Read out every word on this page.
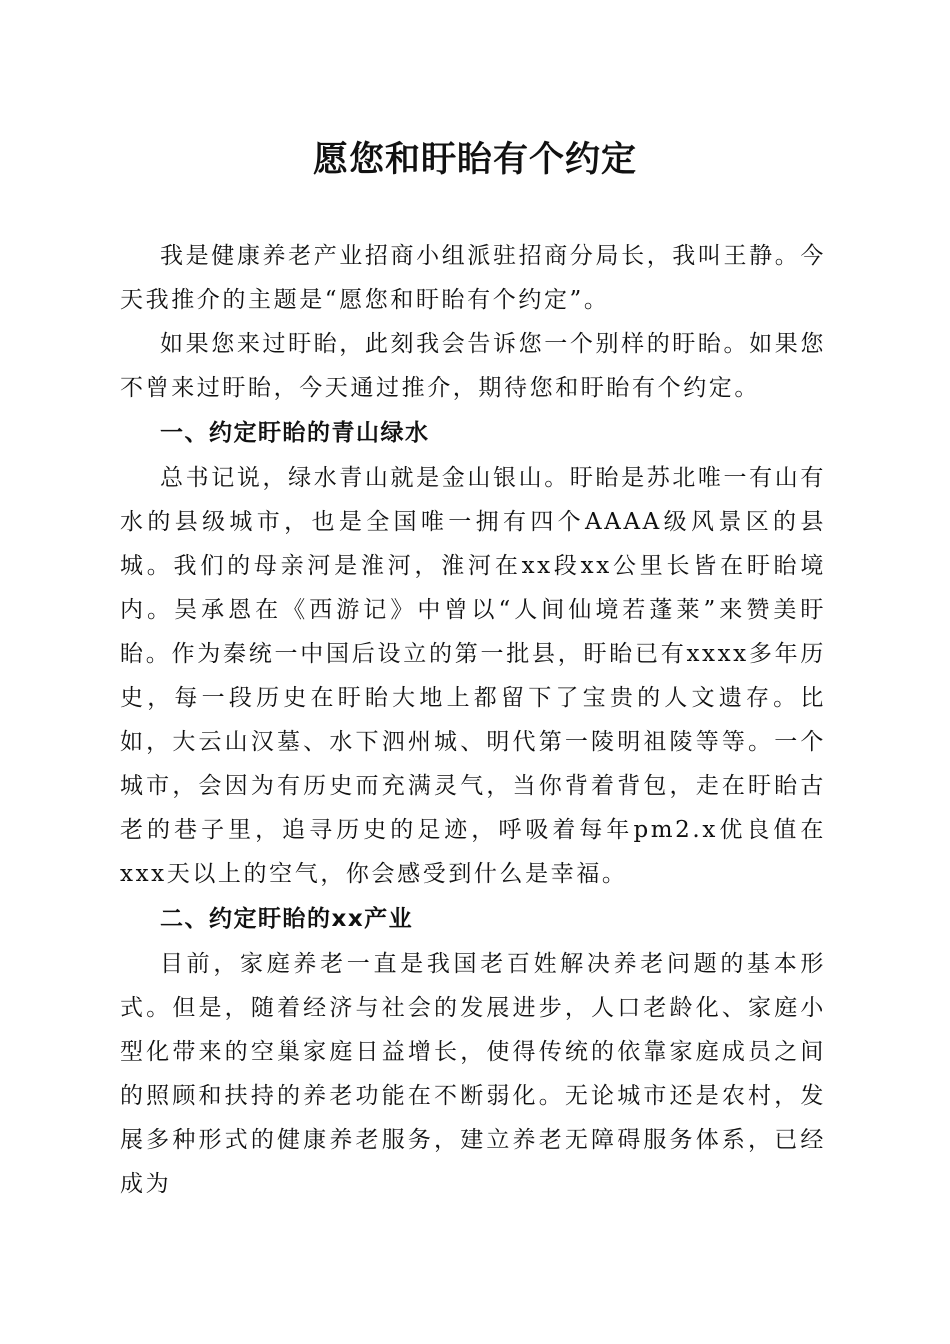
愿您和盱眙有个约定

我是健康养老产业招商小组派驻招商分局长，我叫王静。今天我推介的主题是“愿您和盱眙有个约定”。

如果您来过盱眙，此刻我会告诉您一个别样的盱眙。如果您不曾来过盱眙，今天通过推介，期待您和盱眙有个约定。

一、约定盱眙的青山绿水

总书记说，绿水青山就是金山银山。盱眙是苏北唯一有山有水的县级城市，也是全国唯一拥有四个AAAA级风景区的县城。我们的母亲河是淮河，淮河在xx段xx公里长皆在盱眙境内。吴承恩在《西游记》中曾以“人间仙境若蓬莱”来赞美盱眙。作为秦统一中国后设立的第一批县，盱眙已有xxxx多年历史，每一段历史在盱眙大地上都留下了宝贵的人文遗存。比如，大云山汉墓、水下泗州城、明代第一陵明祖陵等等。一个城市，会因为有历史而充满灵气，当你背着背包，走在盱眙古老的巷子里，追寻历史的足迹，呼吸着每年pm2.x优良值在xxx天以上的空气，你会感受到什么是幸福。

二、约定盱眙的xx产业

目前，家庭养老一直是我国老百姓解决养老问题的基本形式。但是，随着经济与社会的发展进步，人口老龄化、家庭小型化带来的空巢家庭日益增长，使得传统的依靠家庭成员之间的照顾和扶持的养老功能在不断弱化。无论城市还是农村，发展多种形式的健康养老服务，建立养老无障碍服务体系，已经成为
